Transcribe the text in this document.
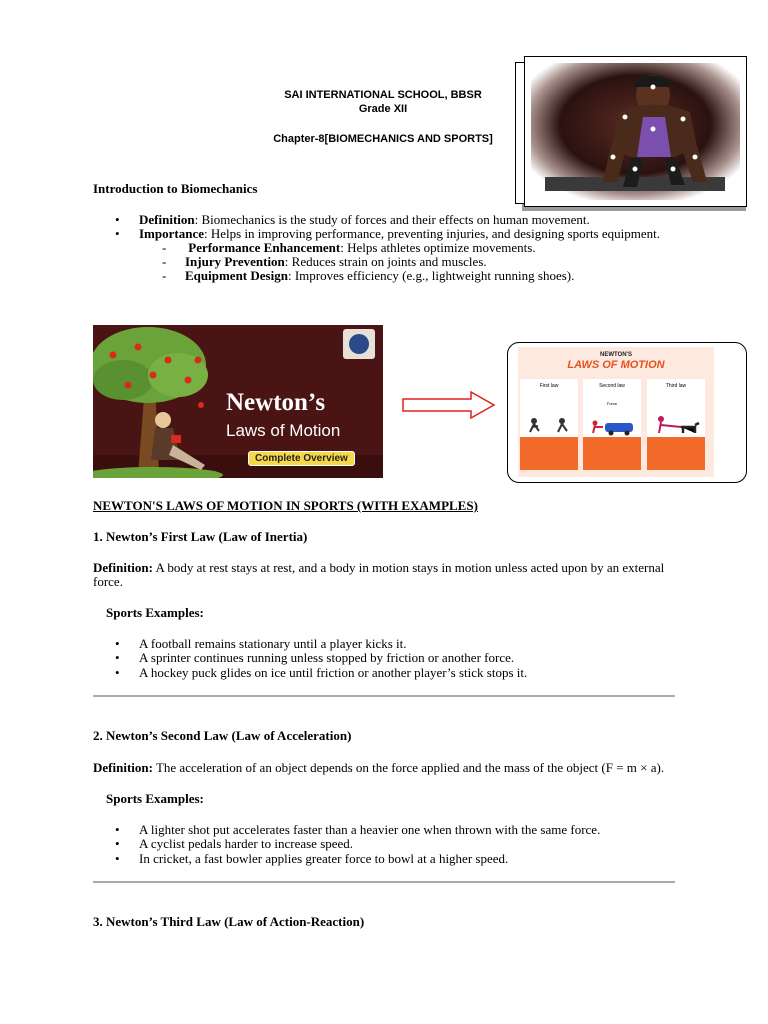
SAI INTERNATIONAL SCHOOL, BBSR
Grade XII
Chapter-8[BIOMECHANICS AND SPORTS]
Introduction to Biomechanics
• Definition: Biomechanics is the study of forces and their effects on human movement.
• Importance: Helps in improving performance, preventing injuries, and designing sports equipment.
- Performance Enhancement: Helps athletes optimize movements.
- Injury Prevention: Reduces strain on joints and muscles.
- Equipment Design: Improves efficiency (e.g., lightweight running shoes).
Newton’s
Laws of Motion
Complete Overview
NEWTON'S
LAWS OF MOTION
First law	Second law
Force
Third law
NEWTON'S LAWS OF MOTION IN SPORTS (WITH EXAMPLES)
1. Newton’s First Law (Law of Inertia)
Definition: A body at rest stays at rest, and a body in motion stays in motion unless acted upon by an external force.
Sports Examples:
• A football remains stationary until a player kicks it.
• A sprinter continues running unless stopped by friction or another force.
• A hockey puck glides on ice until friction or another player’s stick stops it.
2. Newton’s Second Law (Law of Acceleration)
Definition: The acceleration of an object depends on the force applied and the mass of the object (F = m × a).
Sports Examples:
• A lighter shot put accelerates faster than a heavier one when thrown with the same force.
• A cyclist pedals harder to increase speed.
• In cricket, a fast bowler applies greater force to bowl at a higher speed.
3. Newton’s Third Law (Law of Action-Reaction)
